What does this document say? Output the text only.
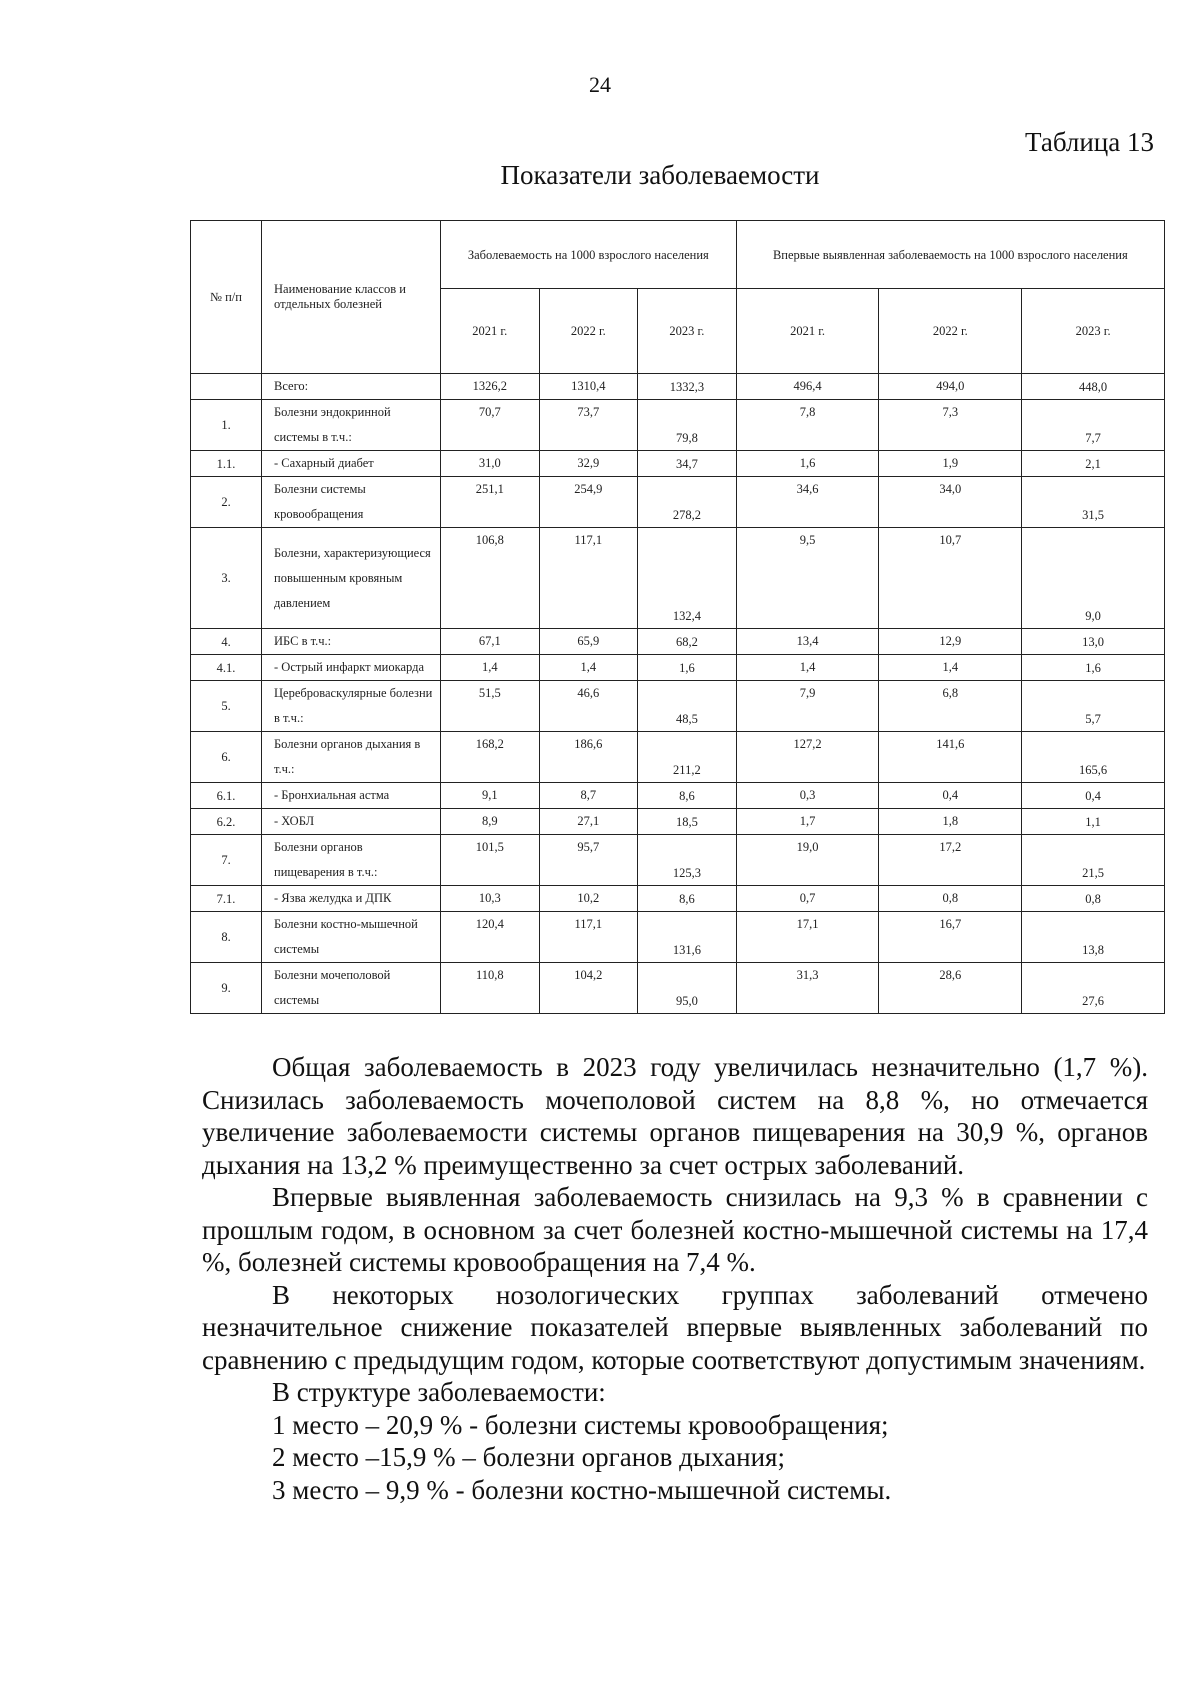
24
Таблица 13
Показатели заболеваемости
№ п/п	Наименование классов и отдельных болезней	Заболеваемость на 1000 взрослого населения			Впервые выявленная заболеваемость на 1000 взрослого населения		
		2021 г.	2022 г.	2023 г.	2021 г.	2022 г.	2023 г.
	Всего:	1326,2	1310,4	1332,3	496,4	494,0	448,0
1.	Болезни эндокринной системы в т.ч.:	70,7	73,7	79,8	7,8	7,3	7,7
1.1.	- Сахарный диабет	31,0	32,9	34,7	1,6	1,9	2,1
2.	Болезни системы кровообращения	251,1	254,9	278,2	34,6	34,0	31,5
3.	Болезни, характеризующиеся повышенным кровяным давлением	106,8	117,1	132,4	9,5	10,7	9,0
4.	ИБС в т.ч.:	67,1	65,9	68,2	13,4	12,9	13,0
4.1.	- Острый инфаркт миокарда	1,4	1,4	1,6	1,4	1,4	1,6
5.	Цереброваскулярные болезни в т.ч.:	51,5	46,6	48,5	7,9	6,8	5,7
6.	Болезни органов дыхания в т.ч.:	168,2	186,6	211,2	127,2	141,6	165,6
6.1.	- Бронхиальная астма	9,1	8,7	8,6	0,3	0,4	0,4
6.2.	- ХОБЛ	8,9	27,1	18,5	1,7	1,8	1,1
7.	Болезни органов пищеварения в т.ч.:	101,5	95,7	125,3	19,0	17,2	21,5
7.1.	- Язва желудка и ДПК	10,3	10,2	8,6	0,7	0,8	0,8
8.	Болезни костно-мышечной системы	120,4	117,1	131,6	17,1	16,7	13,8
9.	Болезни мочеполовой системы	110,8	104,2	95,0	31,3	28,6	27,6

Общая заболеваемость в 2023 году увеличилась незначительно (1,7 %). Снизилась заболеваемость мочеполовой систем на 8,8 %, но отмечается увеличение заболеваемости системы органов пищеварения на 30,9 %, органов дыхания на 13,2 % преимущественно за счет острых заболеваний.

Впервые выявленная заболеваемость снизилась на 9,3 % в сравнении с прошлым годом, в основном за счет болезней костно-мышечной системы на 17,4 %, болезней системы кровообращения на 7,4 %.

В некоторых нозологических группах заболеваний отмечено незначительное снижение показателей впервые выявленных заболеваний по сравнению с предыдущим годом, которые соответствуют допустимым значениям.

В структуре заболеваемости:

1 место – 20,9 % - болезни системы кровообращения;

2 место –15,9 % – болезни органов дыхания;

3 место – 9,9 % - болезни костно-мышечной системы.
